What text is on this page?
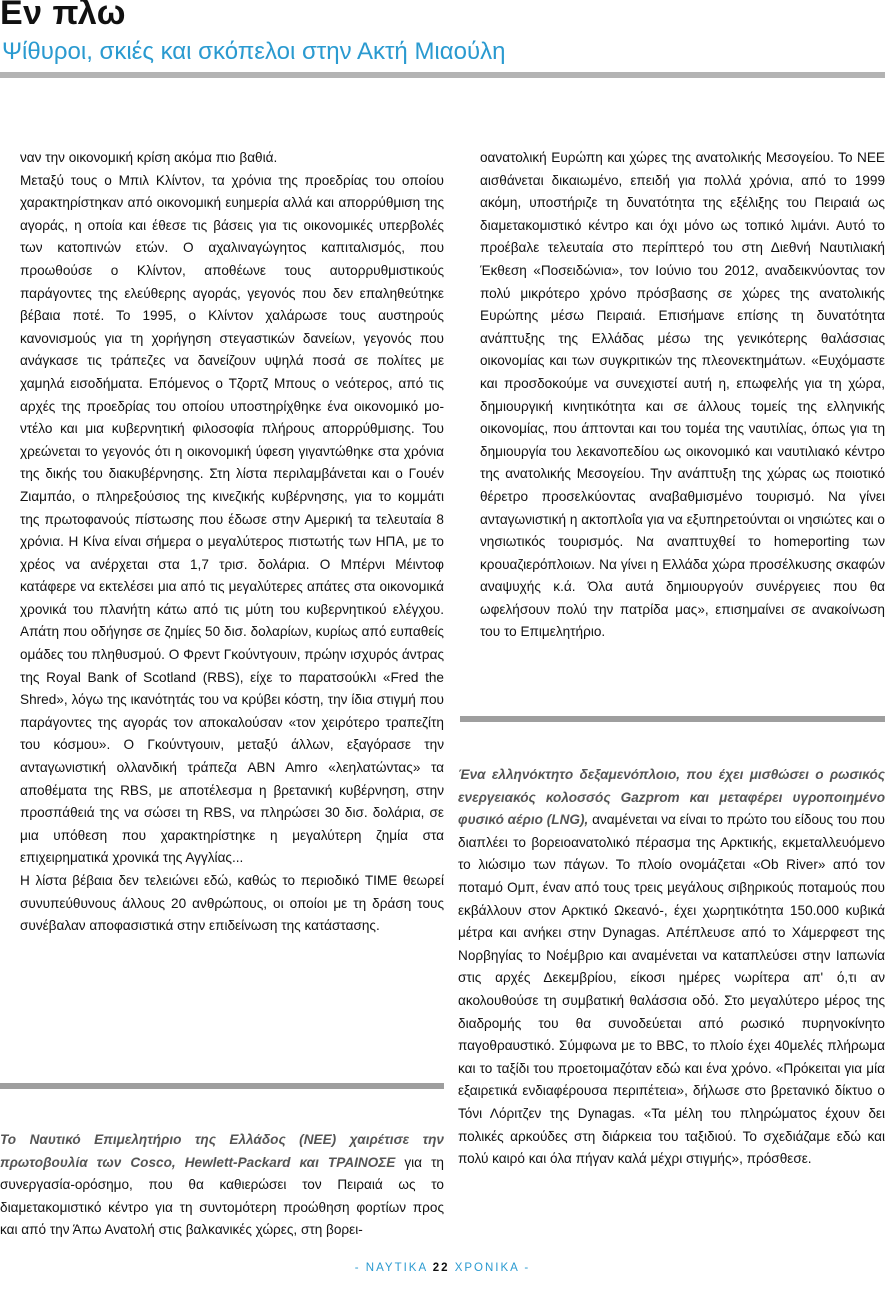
Εν πλω
Ψίθυροι, σκιές και σκόπελοι στην Ακτή Μιαούλη

ναν την οικονομική κρίση ακόμα πιο βαθιά.
Μεταξύ τους ο Μπιλ Κλίντον, τα χρόνια της προεδρίας του οποίου χαρακτηρίστηκαν από οικονομική ευημερία αλλά και απορρύθμιση της αγοράς, η οποία και έθεσε τις βάσεις για τις οικονομικές υπερβολές των κατοπινών ετών. Ο αχαλιναγώγητος καπιταλισμός, που προωθούσε ο Κλίντον, αποθέωνε τους αυτορρυθμιστικούς παράγοντες της ελεύθερης αγοράς, γεγονός που δεν επαληθεύτηκε βέβαια ποτέ. Το 1995, ο Κλίντον χαλάρωσε τους αυστηρούς κανονισμούς για τη χορήγηση στεγαστικών δανείων, γεγονός που ανάγκασε τις τράπεζες να δανείζουν υψηλά ποσά σε πολίτες με χαμηλά εισοδήματα. Επόμενος ο Τζορτζ Μπους ο νεότερος, από τις αρχές της προεδρίας του οποίου υποστηρίχθηκε ένα οικονομικό μο-ντέλο και μια κυβερνητική φιλοσοφία πλήρους απορρύθμισης. Του χρεώνεται το γεγονός ότι η οικονομική ύφεση γιγαντώθηκε στα χρόνια της δικής του διακυβέρνησης. Στη λίστα περιλαμβάνεται και ο Γουέν Ζιαμπάο, ο πληρεξούσιος της κινεζικής κυβέρνησης, για το κομμάτι της πρωτοφανούς πίστωσης που έδωσε στην Αμερική τα τελευταία 8 χρόνια. Η Κίνα είναι σήμερα ο μεγαλύτερος πιστωτής των ΗΠΑ, με το χρέος να ανέρχεται στα 1,7 τρισ. δολάρια. Ο Μπέρνι Μέιντοφ κατάφερε να εκτελέσει μια από τις μεγαλύτερες απάτες στα οικονομικά χρονικά του πλανήτη κάτω από τις μύτη του κυβερνητικού ελέγχου. Απάτη που οδήγησε σε ζημίες 50 δισ. δολαρίων, κυρίως από ευπαθείς ομάδες του πληθυσμού. Ο Φρεντ Γκούντγουιν, πρώην ισχυρός άντρας της Royal Bank of Scotland (RBS), είχε το παρατσούκλι «Fred the Shred», λόγω της ικανότητάς του να κρύβει κόστη, την ίδια στιγμή που παράγοντες της αγοράς τον αποκαλούσαν «τον χειρότερο τραπεζίτη του κόσμου». Ο Γκούντγουιν, μεταξύ άλλων, εξαγόρασε την ανταγωνιστική ολλανδική τράπεζα ABN Amro «λεηλατώντας» τα αποθέματα της RBS, με αποτέλεσμα η βρετανική κυβέρνηση, στην προσπάθειά της να σώσει τη RBS, να πληρώσει 30 δισ. δολάρια, σε μια υπόθεση που χαρακτηρίστηκε η μεγαλύτερη ζημία στα επιχειρηματικά χρονικά της Αγγλίας...

Η λίστα βέβαια δεν τελειώνει εδώ, καθώς το περιοδικό TIME θεωρεί συνυπεύθυνους άλλους 20 ανθρώπους, οι οποίοι με τη δράση τους συνέβαλαν αποφασιστικά στην επιδείνωση της κατάστασης.

Το Ναυτικό Επιμελητήριο της Ελλάδος (ΝΕΕ) χαιρέτισε την πρωτοβουλία των Cosco, Hewlett-Packard και ΤΡΑΙΝΟΣΕ για τη συνεργασία-ορόσημο, που θα καθιερώσει τον Πειραιά ως το διαμετακομιστικό κέντρο για τη συντομότερη προώθηση φορτίων προς και από την Άπω Ανατολή στις βαλκανικές χώρες, στη βορει-

οανατολική Ευρώπη και χώρες της ανατολικής Μεσογείου. Το ΝΕΕ αισθάνεται δικαιωμένο, επειδή για πολλά χρόνια, από το 1999 ακόμη, υποστήριζε τη δυνατότητα της εξέλιξης του Πειραιά ως διαμετακομιστικό κέντρο και όχι μόνο ως τοπικό λιμάνι. Αυτό το προέβαλε τελευταία στο περίπτερό του στη Διεθνή Ναυτιλιακή Έκθεση «Ποσειδώνια», τον Ιούνιο του 2012, αναδεικνύοντας τον πολύ μικρότερο χρόνο πρόσβασης σε χώρες της ανατολικής Ευρώπης μέσω Πειραιά. Επισήμανε επίσης τη δυνατότητα ανάπτυξης της Ελλάδας μέσω της γενικότερης θαλάσσιας οικονομίας και των συγκριτικών της πλεονεκτημάτων. «Ευχόμαστε και προσδοκούμε να συνεχιστεί αυτή η, επωφελής για τη χώρα, δημιουργική κινητικότητα και σε άλλους τομείς της ελληνικής οικονομίας, που άπτονται και του τομέα της ναυτιλίας, όπως για τη δημιουργία του λεκανοπεδίου ως οικονομικό και ναυτιλιακό κέντρο της ανατολικής Μεσογείου. Την ανάπτυξη της χώρας ως ποιοτικό θέρετρο προσελκύοντας αναβαθμισμένο τουρισμό. Να γίνει ανταγωνιστική η ακτοπλοΐα για να εξυπηρετούνται οι νησιώτες και ο νησιωτικός τουρισμός. Να αναπτυχθεί το homeporting των κρουαζιερόπλοιων. Να γίνει η Ελλάδα χώρα προσέλκυσης σκαφών αναψυχής κ.ά. Όλα αυτά δημιουργούν συνέργειες που θα ωφελήσουν πολύ την πατρίδα μας», επισημαίνει σε ανακοίνωση του το Επιμελητήριο.

Ένα ελληνόκτητο δεξαμενόπλοιο, που έχει μισθώσει ο ρωσικός ενεργειακός κολοσσός Gazprom και μεταφέρει υγροποιημένο φυσικό αέριο (LNG), αναμένεται να είναι το πρώτο του είδους του που διαπλέει το βορειοανατολικό πέρασμα της Αρκτικής, εκμεταλλευόμενο το λιώσιμο των πάγων. Το πλοίο ονομάζεται «Ob River» από τον ποταμό Ομπ, έναν από τους τρεις μεγάλους σιβηρικούς ποταμούς που εκβάλλουν στον Αρκτικό Ωκεανό-, έχει χωρητικότητα 150.000 κυβικά μέτρα και ανήκει στην Dynagas. Απέπλευσε από το Χάμερφεστ της Νορβηγίας το Νοέμβριο και αναμένεται να καταπλεύσει στην Ιαπωνία στις αρχές Δεκεμβρίου, είκοσι ημέρες νωρίτερα απ' ό,τι αν ακολουθούσε τη συμβατική θαλάσσια οδό. Στο μεγαλύτερο μέρος της διαδρομής του θα συνοδεύεται από ρωσικό πυρηνοκίνητο παγοθραυστικό. Σύμφωνα με το BBC, το πλοίο έχει 40μελές πλήρωμα και το ταξίδι του προετοιμαζόταν εδώ και ένα χρόνο. «Πρόκειται για μία εξαιρετικά ενδιαφέρουσα περιπέτεια», δήλωσε στο βρετανικό δίκτυο ο Τόνι Λόριτζεν της Dynagas. «Τα μέλη του πληρώματος έχουν δει πολικές αρκούδες στη διάρκεια του ταξιδιού. Το σχεδιάζαμε εδώ και πολύ καιρό και όλα πήγαν καλά μέχρι στιγμής», πρόσθεσε.
- ΝΑΥΤΙΚΑ 22 ΧΡΟΝΙΚΑ -
